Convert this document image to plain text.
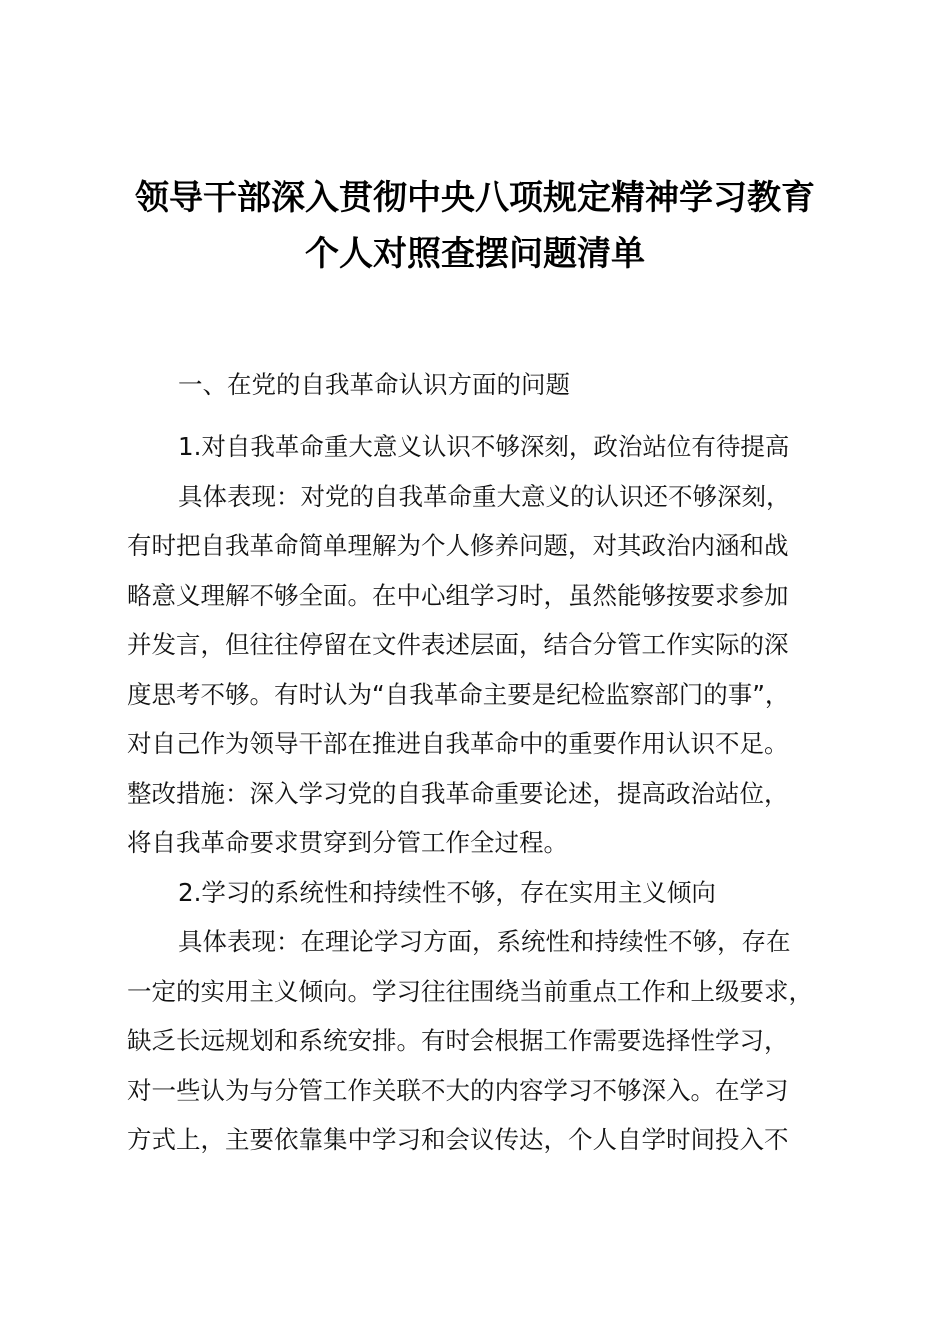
领导干部深入贯彻中央八项规定精神学习教育
个人对照查摆问题清单
一、在党的自我革命认识方面的问题
1.对自我革命重大意义认识不够深刻，政治站位有待提高
具体表现：对党的自我革命重大意义的认识还不够深刻，
有时把自我革命简单理解为个人修养问题，对其政治内涵和战
略意义理解不够全面。在中心组学习时，虽然能够按要求参加
并发言，但往往停留在文件表述层面，结合分管工作实际的深
度思考不够。有时认为“自我革命主要是纪检监察部门的事”，
对自己作为领导干部在推进自我革命中的重要作用认识不足。
整改措施：深入学习党的自我革命重要论述，提高政治站位，
将自我革命要求贯穿到分管工作全过程。
2.学习的系统性和持续性不够，存在实用主义倾向
具体表现：在理论学习方面，系统性和持续性不够，存在
一定的实用主义倾向。学习往往围绕当前重点工作和上级要求，
缺乏长远规划和系统安排。有时会根据工作需要选择性学习，
对一些认为与分管工作关联不大的内容学习不够深入。在学习
方式上，主要依靠集中学习和会议传达，个人自学时间投入不
